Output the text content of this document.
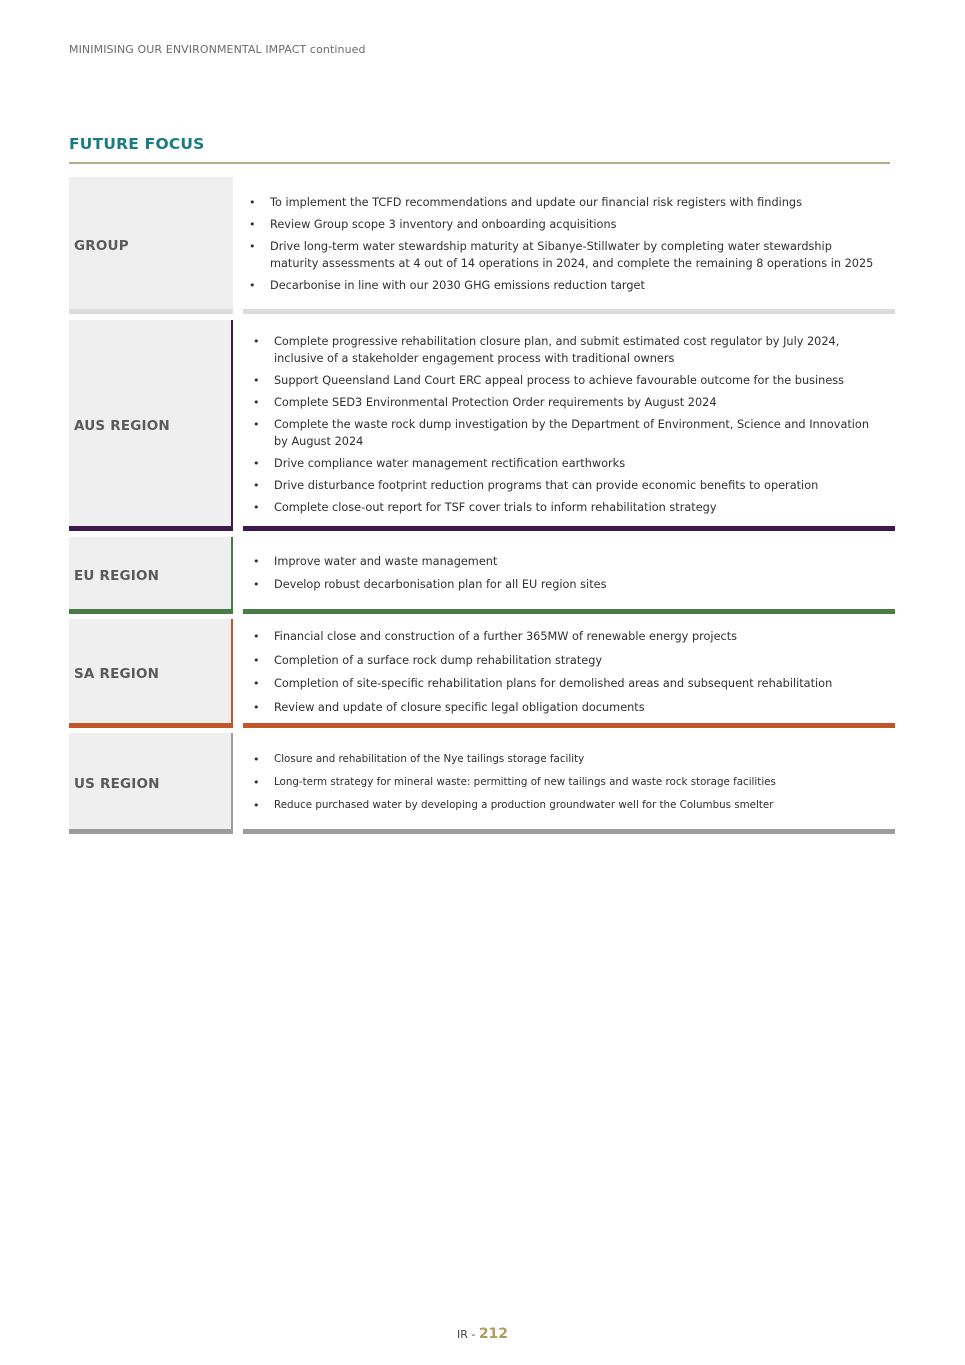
MINIMISING OUR ENVIRONMENTAL IMPACT continued
FUTURE FOCUS
GROUP
• To implement the TCFD recommendations and update our financial risk registers with findings
• Review Group scope 3 inventory and onboarding acquisitions
• Drive long-term water stewardship maturity at Sibanye-Stillwater by completing water stewardship maturity assessments at 4 out of 14 operations in 2024, and complete the remaining 8 operations in 2025
• Decarbonise in line with our 2030 GHG emissions reduction target
AUS REGION
• Complete progressive rehabilitation closure plan, and submit estimated cost regulator by July 2024, inclusive of a stakeholder engagement process with traditional owners
• Support Queensland Land Court ERC appeal process to achieve favourable outcome for the business
• Complete SED3 Environmental Protection Order requirements by August 2024
• Complete the waste rock dump investigation by the Department of Environment, Science and Innovation by August 2024
• Drive compliance water management rectification earthworks
• Drive disturbance footprint reduction programs that can provide economic benefits to operation
• Complete close-out report for TSF cover trials to inform rehabilitation strategy
EU REGION
• Improve water and waste management
• Develop robust decarbonisation plan for all EU region sites
SA REGION
• Financial close and construction of a further 365MW of renewable energy projects
• Completion of a surface rock dump rehabilitation strategy
• Completion of site-specific rehabilitation plans for demolished areas and subsequent rehabilitation
• Review and update of closure specific legal obligation documents
US REGION
• Closure and rehabilitation of the Nye tailings storage facility
• Long-term strategy for mineral waste: permitting of new tailings and waste rock storage facilities
• Reduce purchased water by developing a production groundwater well for the Columbus smelter
IR - 212
